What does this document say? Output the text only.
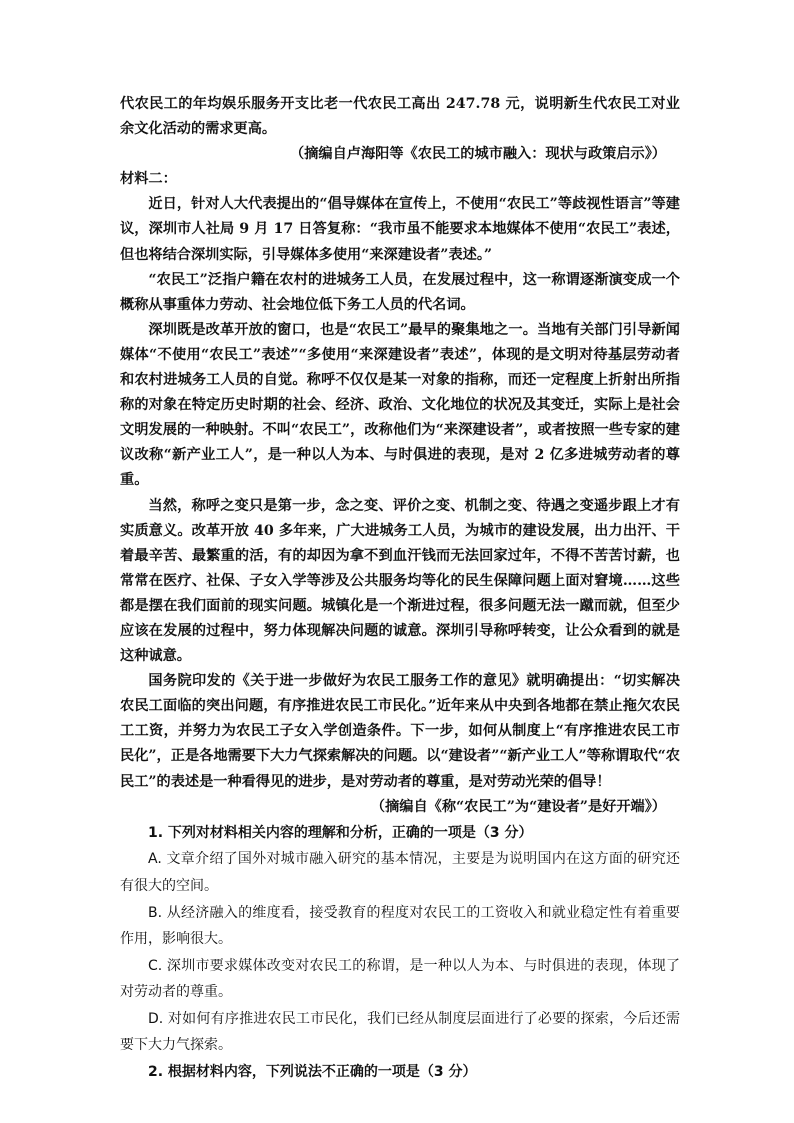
代农民工的年均娱乐服务开支比老一代农民工高出 247.78 元，说明新生代农民工对业余文化活动的需求更高。

（摘编自卢海阳等《农民工的城市融入：现状与政策启示》）

材料二：

近日，针对人大代表提出的“倡导媒体在宣传上，不使用“农民工”等歧视性语言”等建议，深圳市人社局 9 月 17 日答复称：“我市虽不能要求本地媒体不使用“农民工”表述，但也将结合深圳实际，引导媒体多使用“来深建设者”表述。”

“农民工”泛指户籍在农村的进城务工人员，在发展过程中，这一称谓逐渐演变成一个概称从事重体力劳动、社会地位低下务工人员的代名词。

深圳既是改革开放的窗口，也是“农民工”最早的聚集地之一。当地有关部门引导新闻媒体“不使用“农民工”表述”“多使用“来深建设者”表述”，体现的是文明对待基层劳动者和农村进城务工人员的自觉。称呼不仅仅是某一对象的指称，而还一定程度上折射出所指称的对象在特定历史时期的社会、经济、政治、文化地位的状况及其变迁，实际上是社会文明发展的一种映射。不叫“农民工”，改称他们为“来深建设者”，或者按照一些专家的建议改称“新产业工人”，是一种以人为本、与时俱进的表现，是对 2 亿多进城劳动者的尊重。

当然，称呼之变只是第一步，念之变、评价之变、机制之变、待遇之变遥步跟上才有实质意义。改革开放 40 多年来，广大进城务工人员，为城市的建设发展，出力出汗、干着最辛苦、最繁重的活，有的却因为拿不到血汗钱而无法回家过年，不得不苦苦讨薪，也常常在医疗、社保、子女入学等涉及公共服务均等化的民生保障问题上面对窘境……这些都是摆在我们面前的现实问题。城镇化是一个渐进过程，很多问题无法一蹴而就，但至少应该在发展的过程中，努力体现解决问题的诚意。深圳引导称呼转变，让公众看到的就是这种诚意。

国务院印发的《关于进一步做好为农民工服务工作的意见》就明确提出：“切实解决农民工面临的突出问题，有序推进农民工市民化。”近年来从中央到各地都在禁止拖欠农民工工资，并努力为农民工子女入学创造条件。下一步，如何从制度上“有序推进农民工市民化”，正是各地需要下大力气探索解决的问题。以“建设者”“新产业工人”等称谓取代“农民工”的表述是一种看得见的进步，是对劳动者的尊重，是对劳动光荣的倡导！

（摘编自《称“农民工”为“建设者”是好开端》）

1. 下列对材料相关内容的理解和分析，正确的一项是（3 分）

A. 文章介绍了国外对城市融入研究的基本情况，主要是为说明国内在这方面的研究还有很大的空间。

B. 从经济融入的维度看，接受教育的程度对农民工的工资收入和就业稳定性有着重要作用，影响很大。

C. 深圳市要求媒体改变对农民工的称谓，是一种以人为本、与时俱进的表现，体现了对劳动者的尊重。

D. 对如何有序推进农民工市民化，我们已经从制度层面进行了必要的探索，今后还需要下大力气探索。

2. 根据材料内容，下列说法不正确的一项是（3 分）
